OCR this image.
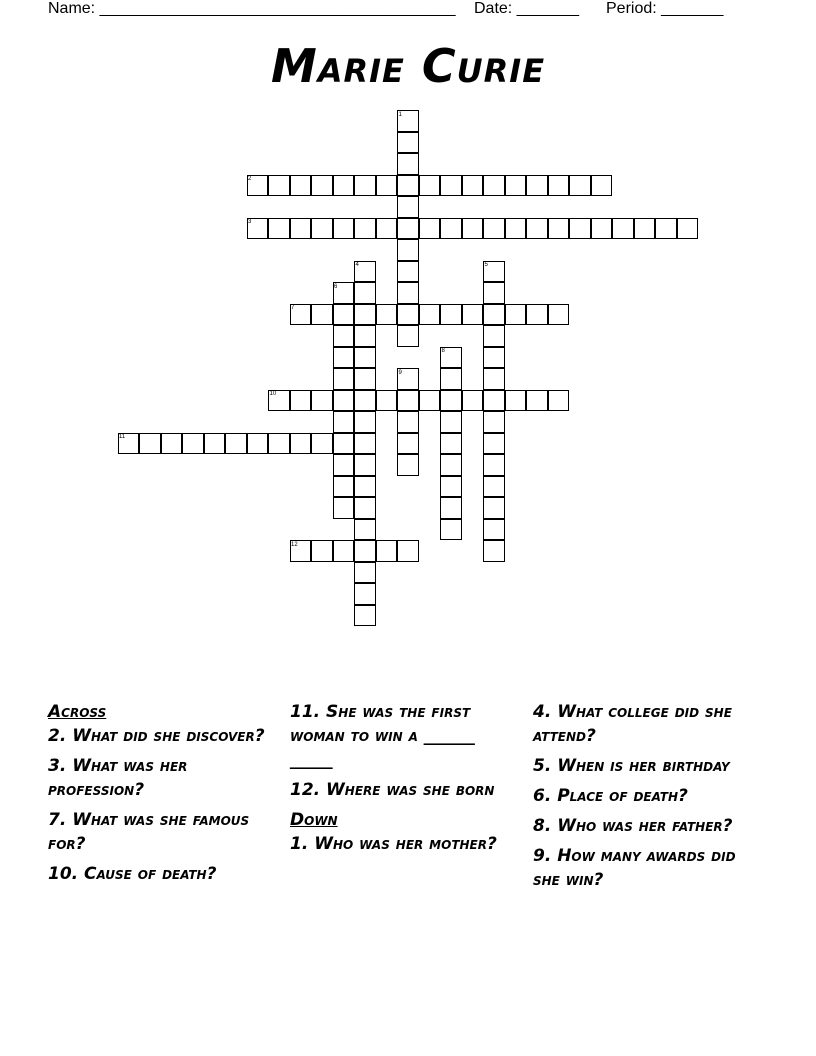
Name: ________________________________________ Date: _______ Period: _______
Marie Curie
1
2
3
4	5
6
7
8
9
10
11
12
Across
2. What did she discover?
3. What was her profession?
7. What was she famous for?
10. Cause of death?
11. She was the first woman to win a ______ _____
12. Where was she born
Down
1. Who was her mother?
4. What college did she attend?
5. When is her birthday
6. Place of death?
8. Who was her father?
9. How many awards did she win?
